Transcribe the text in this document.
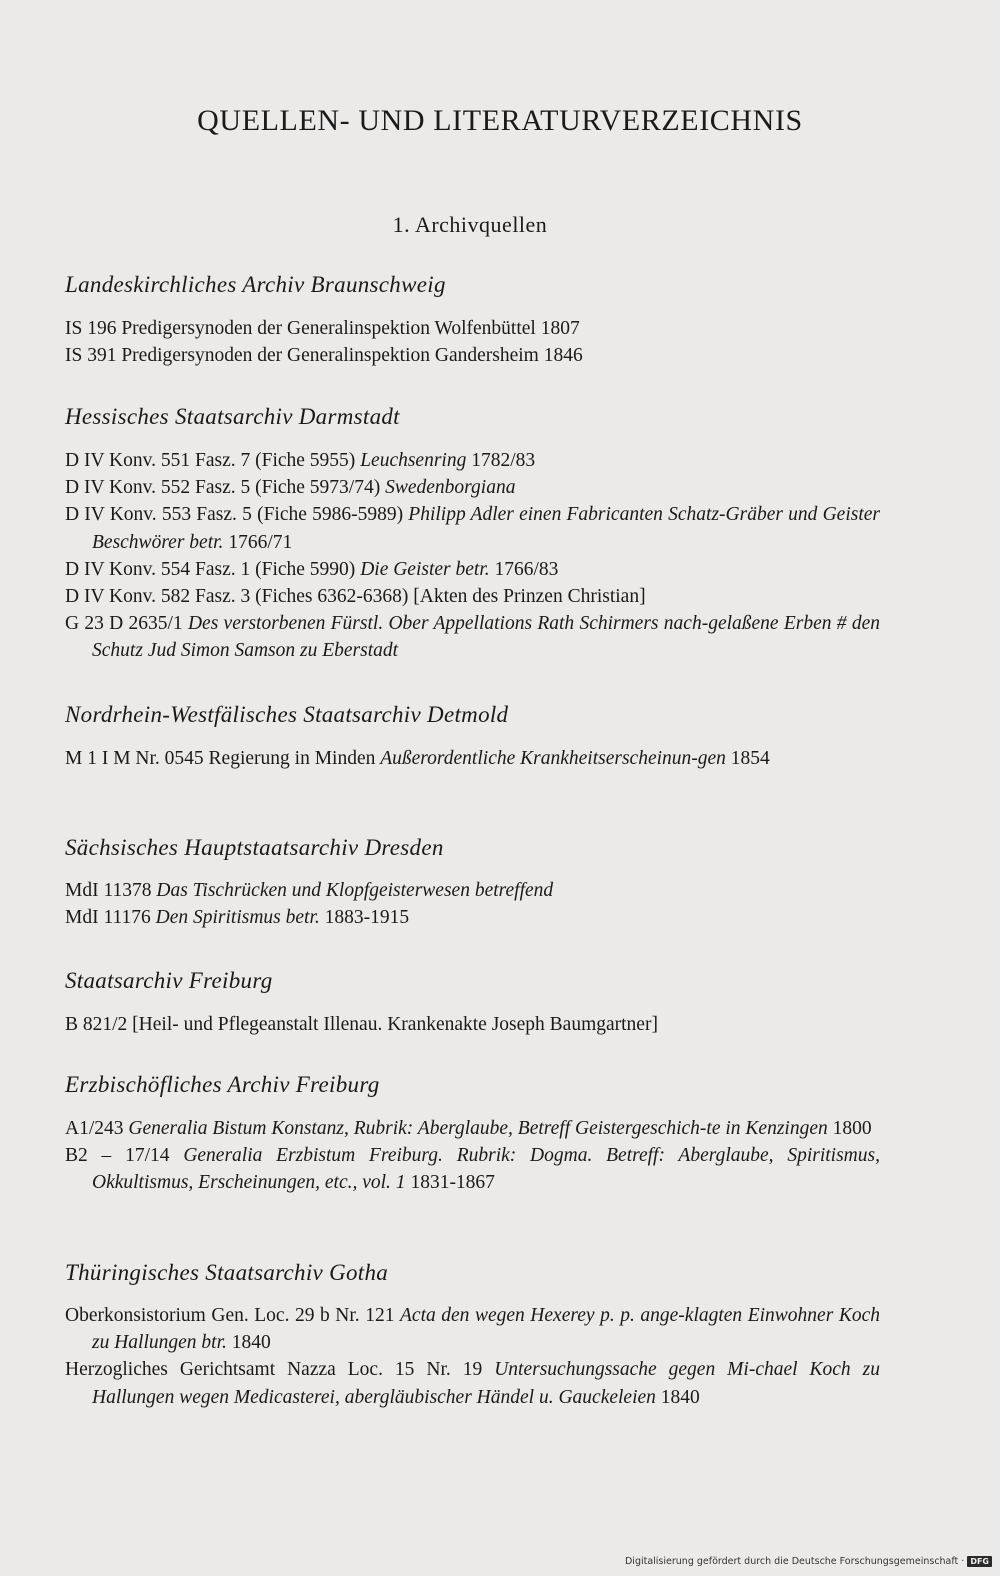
QUELLEN- UND LITERATURVERZEICHNIS
1. Archivquellen
Landeskirchliches Archiv Braunschweig
IS 196 Predigersynoden der Generalinspektion Wolfenbüttel 1807
IS 391 Predigersynoden der Generalinspektion Gandersheim 1846
Hessisches Staatsarchiv Darmstadt
D IV Konv. 551 Fasz. 7 (Fiche 5955) Leuchsenring 1782/83
D IV Konv. 552 Fasz. 5 (Fiche 5973/74) Swedenborgiana
D IV Konv. 553 Fasz. 5 (Fiche 5986-5989) Philipp Adler einen Fabricanten Schatz-Gräber und Geister Beschwörer betr. 1766/71
D IV Konv. 554 Fasz. 1 (Fiche 5990) Die Geister betr. 1766/83
D IV Konv. 582 Fasz. 3 (Fiches 6362-6368) [Akten des Prinzen Christian]
G 23 D 2635/1 Des verstorbenen Fürstl. Ober Appellations Rath Schirmers nach-gelaßene Erben # den Schutz Jud Simon Samson zu Eberstadt
Nordrhein-Westfälisches Staatsarchiv Detmold
M 1 I M Nr. 0545 Regierung in Minden Außerordentliche Krankheitserscheinun-gen 1854
Sächsisches Hauptstaatsarchiv Dresden
MdI 11378 Das Tischrücken und Klopfgeisterwesen betreffend
MdI 11176 Den Spiritismus betr. 1883-1915
Staatsarchiv Freiburg
B 821/2 [Heil- und Pflegeanstalt Illenau. Krankenakte Joseph Baumgartner]
Erzbischöfliches Archiv Freiburg
A1/243 Generalia Bistum Konstanz, Rubrik: Aberglaube, Betreff Geistergeschich-te in Kenzingen 1800
B2 – 17/14 Generalia Erzbistum Freiburg. Rubrik: Dogma. Betreff: Aberglaube, Spiritismus, Okkultismus, Erscheinungen, etc., vol. 1 1831-1867
Thüringisches Staatsarchiv Gotha
Oberkonsistorium Gen. Loc. 29 b Nr. 121 Acta den wegen Hexerey p. p. ange-klagten Einwohner Koch zu Hallungen btr. 1840
Herzogliches Gerichtsamt Nazza Loc. 15 Nr. 19 Untersuchungssache gegen Mi-chael Koch zu Hallungen wegen Medicasterei, abergläubischer Händel u. Gauckeleien 1840
Digitalisierung gefördert durch die Deutsche Forschungsgemeinschaft · DFG
